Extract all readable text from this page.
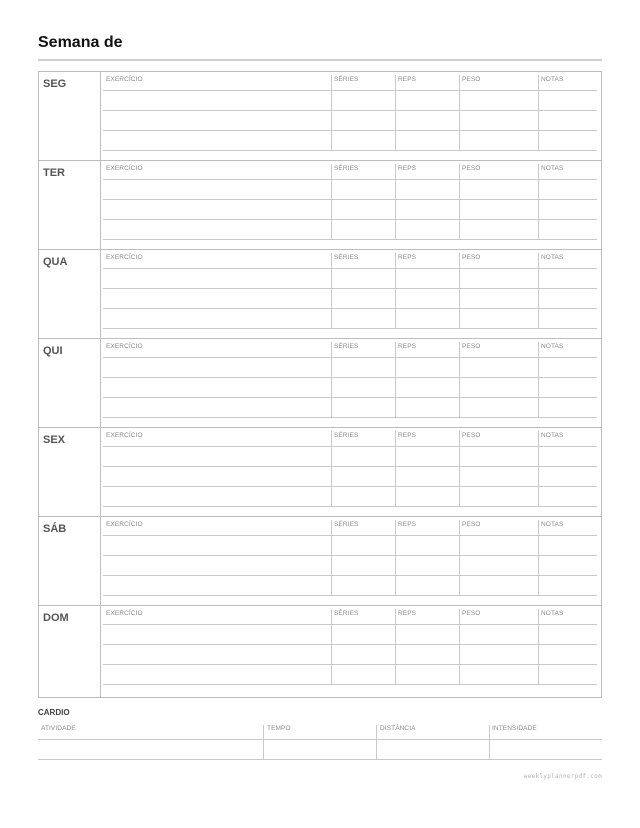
Semana de
SEG	EXERCÍCIO	SÉRIES	REPS	PESO	NOTAS
TER	EXERCÍCIO	SÉRIES	REPS	PESO	NOTAS
QUA	EXERCÍCIO	SÉRIES	REPS	PESO	NOTAS
QUI	EXERCÍCIO	SÉRIES	REPS	PESO	NOTAS
SEX	EXERCÍCIO	SÉRIES	REPS	PESO	NOTAS
SÁB	EXERCÍCIO	SÉRIES	REPS	PESO	NOTAS
DOM	EXERCÍCIO	SÉRIES	REPS	PESO	NOTAS
CARDIO
ATIVIDADE	TEMPO	DISTÂNCIA	INTENSIDADE
weeklyplannerpdf.com
